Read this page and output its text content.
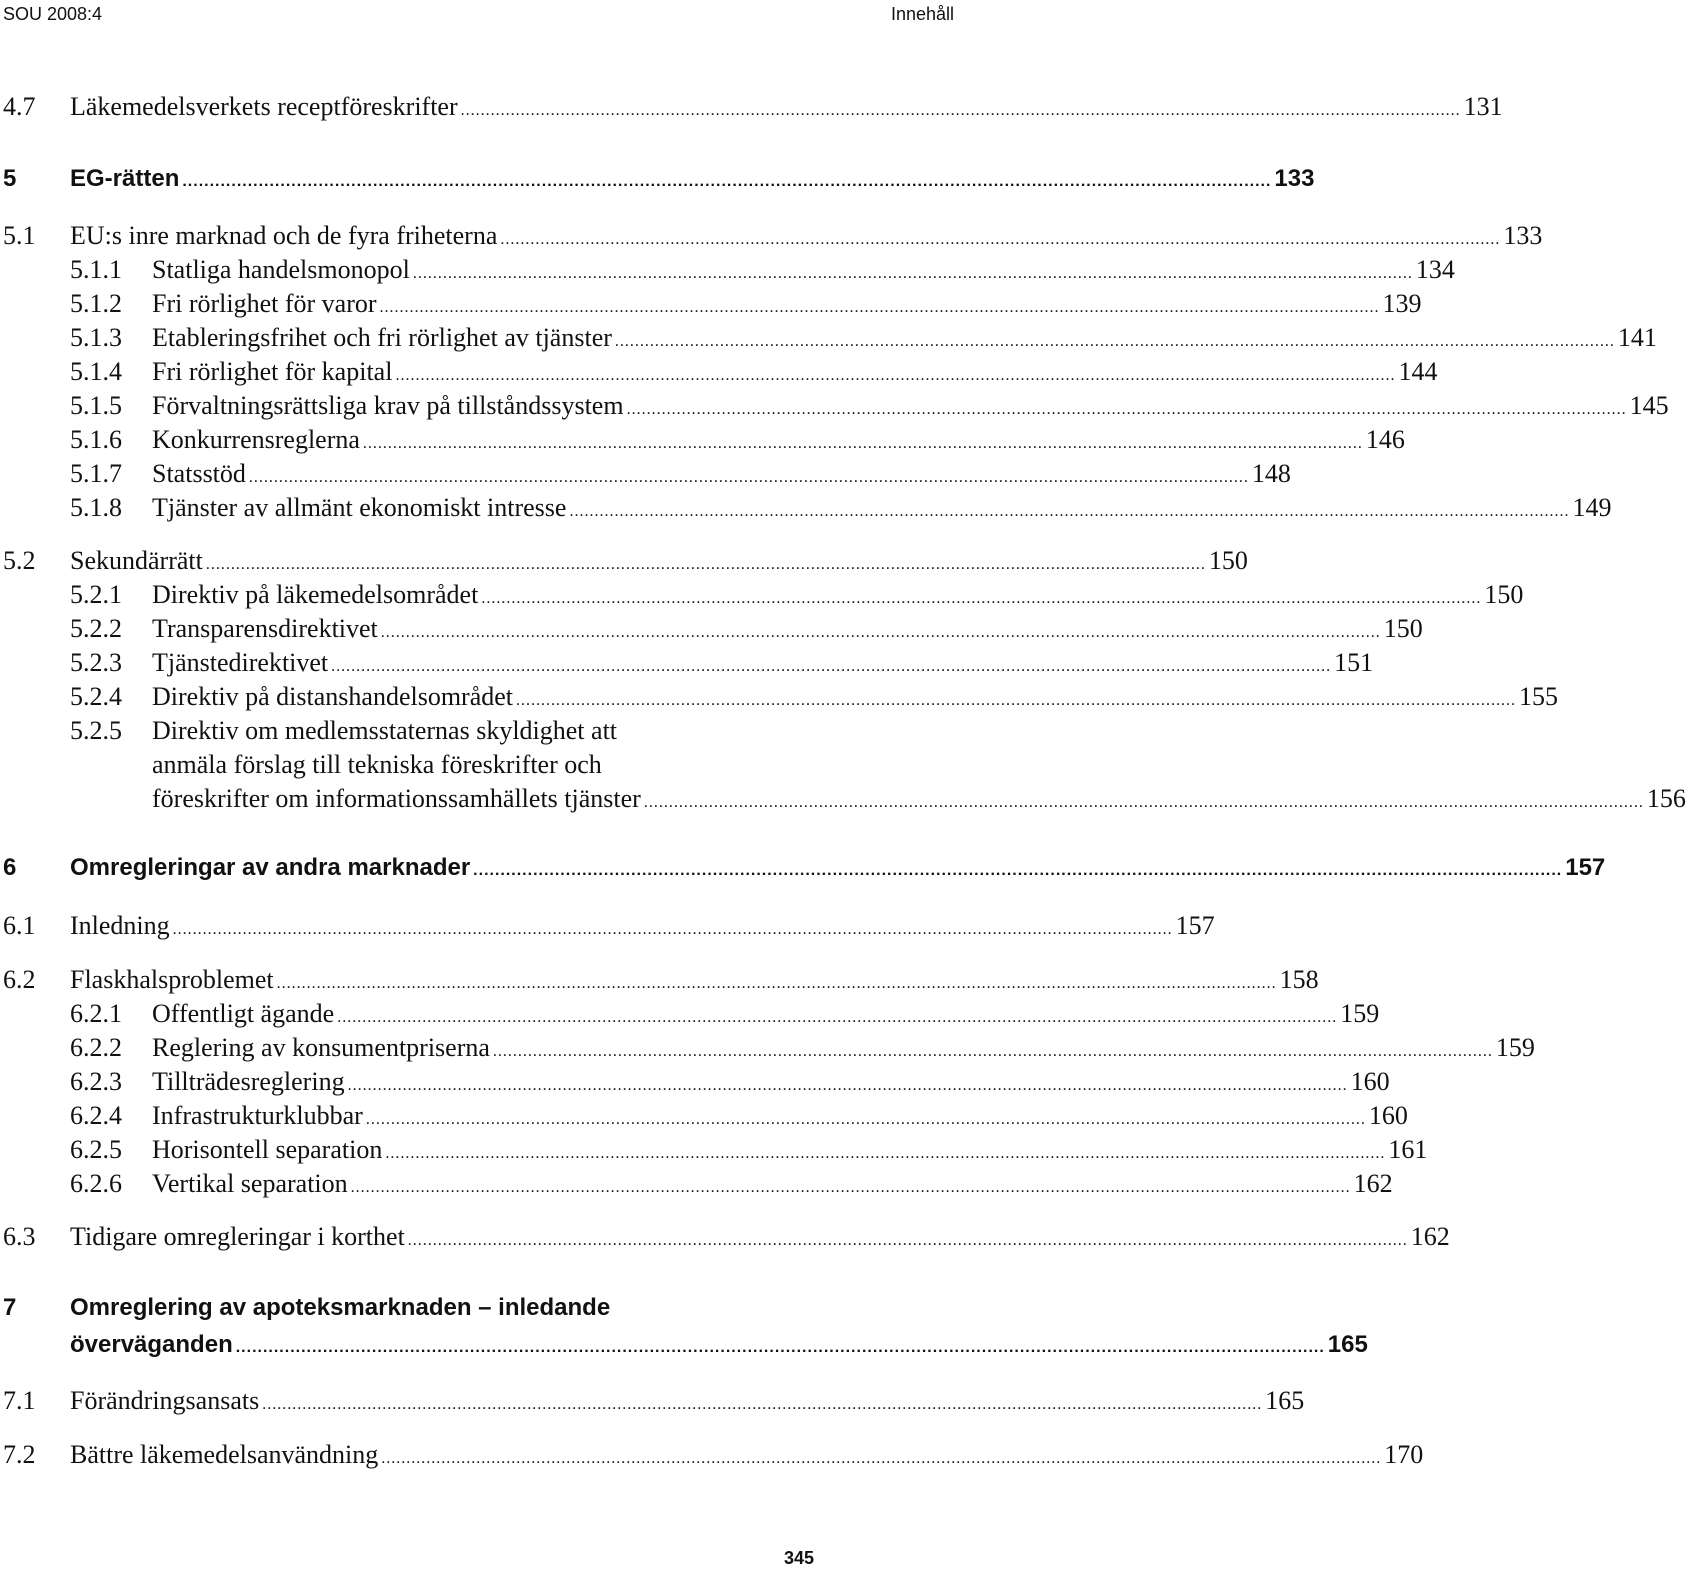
SOU 2008:4	Innehåll
4.7 Läkemedelsverkets receptföreskrifter ........................................................................................................................................................................................................ 131
5 EG-rätten ........................................................................................................................................................................................................ 133
5.1 EU:s inre marknad och de fyra friheterna ........................................................................................................................................................................................................ 133
5.1.1 Statliga handelsmonopol ........................................................................................................................................................................................................ 134
5.1.2 Fri rörlighet för varor ........................................................................................................................................................................................................ 139
5.1.3 Etableringsfrihet och fri rörlighet av tjänster ........................................................................................................................................................................................................ 141
5.1.4 Fri rörlighet för kapital ........................................................................................................................................................................................................ 144
5.1.5 Förvaltningsrättsliga krav på tillståndssystem ........................................................................................................................................................................................................ 145
5.1.6 Konkurrensreglerna ........................................................................................................................................................................................................ 146
5.1.7 Statsstöd ........................................................................................................................................................................................................ 148
5.1.8 Tjänster av allmänt ekonomiskt intresse ........................................................................................................................................................................................................ 149
5.2 Sekundärrätt ........................................................................................................................................................................................................ 150
5.2.1 Direktiv på läkemedelsområdet ........................................................................................................................................................................................................ 150
5.2.2 Transparensdirektivet ........................................................................................................................................................................................................ 150
5.2.3 Tjänstedirektivet ........................................................................................................................................................................................................ 151
5.2.4 Direktiv på distanshandelsområdet ........................................................................................................................................................................................................ 155
5.2.5 Direktiv om medlemsstaternas skyldighet att
anmäla förslag till tekniska föreskrifter och
föreskrifter om informationssamhällets tjänster ........................................................................................................................................................................................................ 156
6 Omregleringar av andra marknader ........................................................................................................................................................................................................ 157
6.1 Inledning ........................................................................................................................................................................................................ 157
6.2 Flaskhalsproblemet ........................................................................................................................................................................................................ 158
6.2.1 Offentligt ägande ........................................................................................................................................................................................................ 159
6.2.2 Reglering av konsumentpriserna ........................................................................................................................................................................................................ 159
6.2.3 Tillträdesreglering ........................................................................................................................................................................................................ 160
6.2.4 Infrastrukturklubbar ........................................................................................................................................................................................................ 160
6.2.5 Horisontell separation ........................................................................................................................................................................................................ 161
6.2.6 Vertikal separation ........................................................................................................................................................................................................ 162
6.3 Tidigare omregleringar i korthet ........................................................................................................................................................................................................ 162
7 Omreglering av apoteksmarknaden – inledande
överväganden ........................................................................................................................................................................................................ 165
7.1 Förändringsansats ........................................................................................................................................................................................................ 165
7.2 Bättre läkemedelsanvändning ........................................................................................................................................................................................................ 170
345
